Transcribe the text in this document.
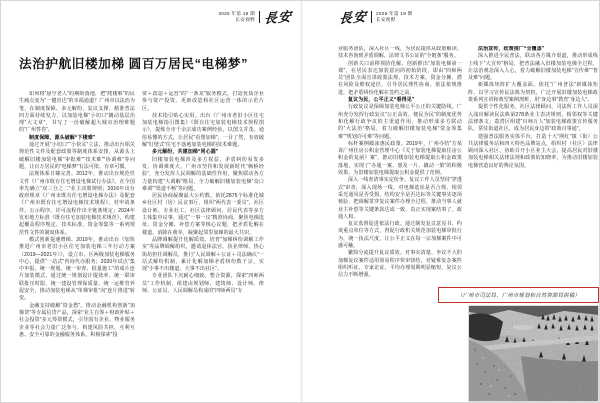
2025 年第 19 期
长安视野 長安
法治护航旧楼加梯 圆百万居民“电梯梦”

如何将“悬空老人”的期盼落地，把“爬楼难”的民生痛点变为“一键直达”的幸福通道？广州市以法治为笔，在制度保障、多元解纷、复议支撑、精准普法四方面持续发力，以加装电梯“小切口”撬动基层治理“大文章”，书写了一份破解超大城市治理难题的“广州答卷”。

制度保障，源头破解“下楼难”

通过开展“小切口”“小快灵”立法、推动出台相关规范性文件及配套政策等制度体系安排，从源头上破解旧楼加装电梯“审批难”“技术难”“协调难”等问题，让百万居民的“电梯梦”有法可依、有章可循。

法规体系日臻完善。2012年，推动出台规范性文件《广州市既有住宅增设电梯试行办法》，在全国率先确立“双三分之二”业主决策规则；2016年出台政府规章《广州市既有住宅增设电梯办法》及配套《广州市既有住宅增设电梯技术规程》，对申请条件、公示程序、许可流程作出全链条规定；2024年发布地方标准《既有住宅加装电梯技术规范》，构建起覆盖程序规定、技术标准、资金筹集等一系列规范性文件的制度体系。

模式创新提速增梯。2019年，推动出台《加快推进广州市老旧小区住宅加装电梯三年行动方案（2019—2021年）》，设立市、区两级加装电梯服务中心，提供“一站式”咨询代办服务；2020年试点“集中申报、统一规划、统一审查、批量施工”的成片连片加装模式，通过统一规划设计提效率、统一联审联批压时限、统一建设管理保质量、统一运维管养促安全，推动加装电梯从“单梯审批”向“连片推进”转变。

金融支持破解“资金愁”。推动金融机构创新“加梯贷”等专属信贷产品，探索“业主自筹＋财政补贴＋社会投资”多元筹资模式，引导国有企业、物业服务企业等社会力量广泛参与，构建风险共担、互利互惠、安全可靠的金融服务体系，积极探索“投

资＋改造＋运营”的“一条龙”服务模式，打造优质企业参与资产投资、更新改造和社区运营一体的示范片区。

技术指引贴心实用。出台《广州市老旧小区住宅加装电梯指引图集》《既有住宅加装电梯技术规程图示》，提炼全市千余宗成功案例经验，以图文并茂、通俗易懂的方式，让居民“看图加梯”、一目了然，有效破解“钉壁式”住宅不落地加装电梯的技术难题。

多元解纷，共建加梯“同心圆”

旧楼加装电梯涉及多方权益，矛盾纠纷易发多发、协调难度大。广州市坚持和发展新时代“枫桥经验”，充分发挥人民调解的基础性作用，聚焦联动各方力量构建“大调解”格局，全力破解旧楼加装电梯“众口难调”“渠道不畅”等问题。

居民协商凝聚最大公约数。依托2875个标准化城乡社区村（居）民议事厅，组织“两代表一委员”、社区设计师、专业社工、社区法律顾问、居民代表等多方主体集中议事，通过“一事一议”精准协商，聚焦电梯选址、资金分摊、补偿方案等核心议题，把矛盾化解在楼道、消除在萌芽，凝聚起邻里加梯的最大共识。

品牌调解提升化解质效。培育“加梯纠纷调解工作室”等品牌调解组织，邀请退休法官、执业律师、热心街坊担任调解员，推行“人民调解＋公证＋司法确认”一站式解纷机制，累计化解加梯矛盾纠纷数千宗，实现“小事不出楼道、大事不出社区”。

专业团队下沉耐心细致。整合资源，探索“四师两员”工作机制，组建由规划师、建筑师、设计师、律师、公证员、人民调解员构成的“四师两员”专

長安 2025 年第 19 期
长安视野

业服务团队，深入社区一线，为居民提供从政策解读、技术咨询到矛盾调解、法律文书公证的“全链条”服务。

创新关口前移预防化解。创新推出“加装电梯第一课”，在居民表达加装意向的初始阶段，即由“四师两员”团队全面宣讲政策法规、技术方案、资金分摊、潜在风险及维权途径，引导居民理性协商、依法依规推进，把矛盾纠纷化解在签约之前。

复议为民，公平正义“看得见”

行政复议是保障加装电梯公平公正的关键防线。广州充分发挥行政复议“公正高效、便民为民”的制度优势和化解行政争议的主渠道作用，推动形成多方联动的“大法治”格局，着力破解旧楼加装电梯“资金筹集难”“规划许可难”等问题。

标杆案例破冰惠民政策。2019年，广州办结“方某诉广州住房公积金管理中心《关于加装电梯提取住房公积金的复函》案”，推动旧楼加装电梯提取公积金政策落地，实现了“办通一案、惠及一片、撬动一策”的积极效果，为旧楼加装电梯提取公积金提供了范例。

深入一线查清事实定纷争。复议工作人员坚持“穿透式”审查，深入现场一线，对电梯选址是否合规、相邻采光通风是否受损、结构安全是否达标等关键事实逐项核验，把调解贯穿复议案件办理全过程，推动当事人就业主补偿等关键条款达成一致，真正实现案结事了、政通人和。

复议监督促进依法行政。通过制发复议意见书、约谈重点单位等方式，督促行政机关规范加装电梯审批行为，统一执法尺度，让公平正义在每一宗加梯案件中可感可触。

繁简分流提升复议质效。对事实清楚、争议不大的加梯复议案件适用简易程序快审快结，对疑难复杂案件组织听证、专家论证，平均办理周期明显缩短，复议公信力不断增强。

法治宣传，政策推广“全覆盖”

深入推进全民普法，联动各方媒介渠道，推动形成线上线下“大宣传”格局，把普法融入旧楼加装电梯全过程，让法治观念深入人心，着力破解旧楼加装电梯“宣传难”“普及难”问题。

新媒体矩阵扩大覆盖面。依托“广州普法”新媒体矩阵，以学习宣传民法典为契机，广泛开展旧楼加装电梯政策系列宣讲和典型案例剖析，用“身边事”教育“身边人”。

提供个性化服务。社区法律顾问、司法所工作人员深入浅出解读民法典第278条业主表决规则、相邻权等关键法律条文；荔湾区组建“百师万人”加装电梯政策宣传服务队，常驻街道社区，成为居民身边的“政策百事通”。

建强普法服务实体平台，打造十大“网红”镇（街）公共法律服务站和四大特色品牌站点，组织村（社区）法律顾问深入社区，协助召开小区业主大会，提高居民对旧楼加装电梯相关法律法规和政策的知晓率，为推动旧楼加装电梯营造良好的舆论氛围。

（广州市司法局、广州市规划和自然资源局供稿）
